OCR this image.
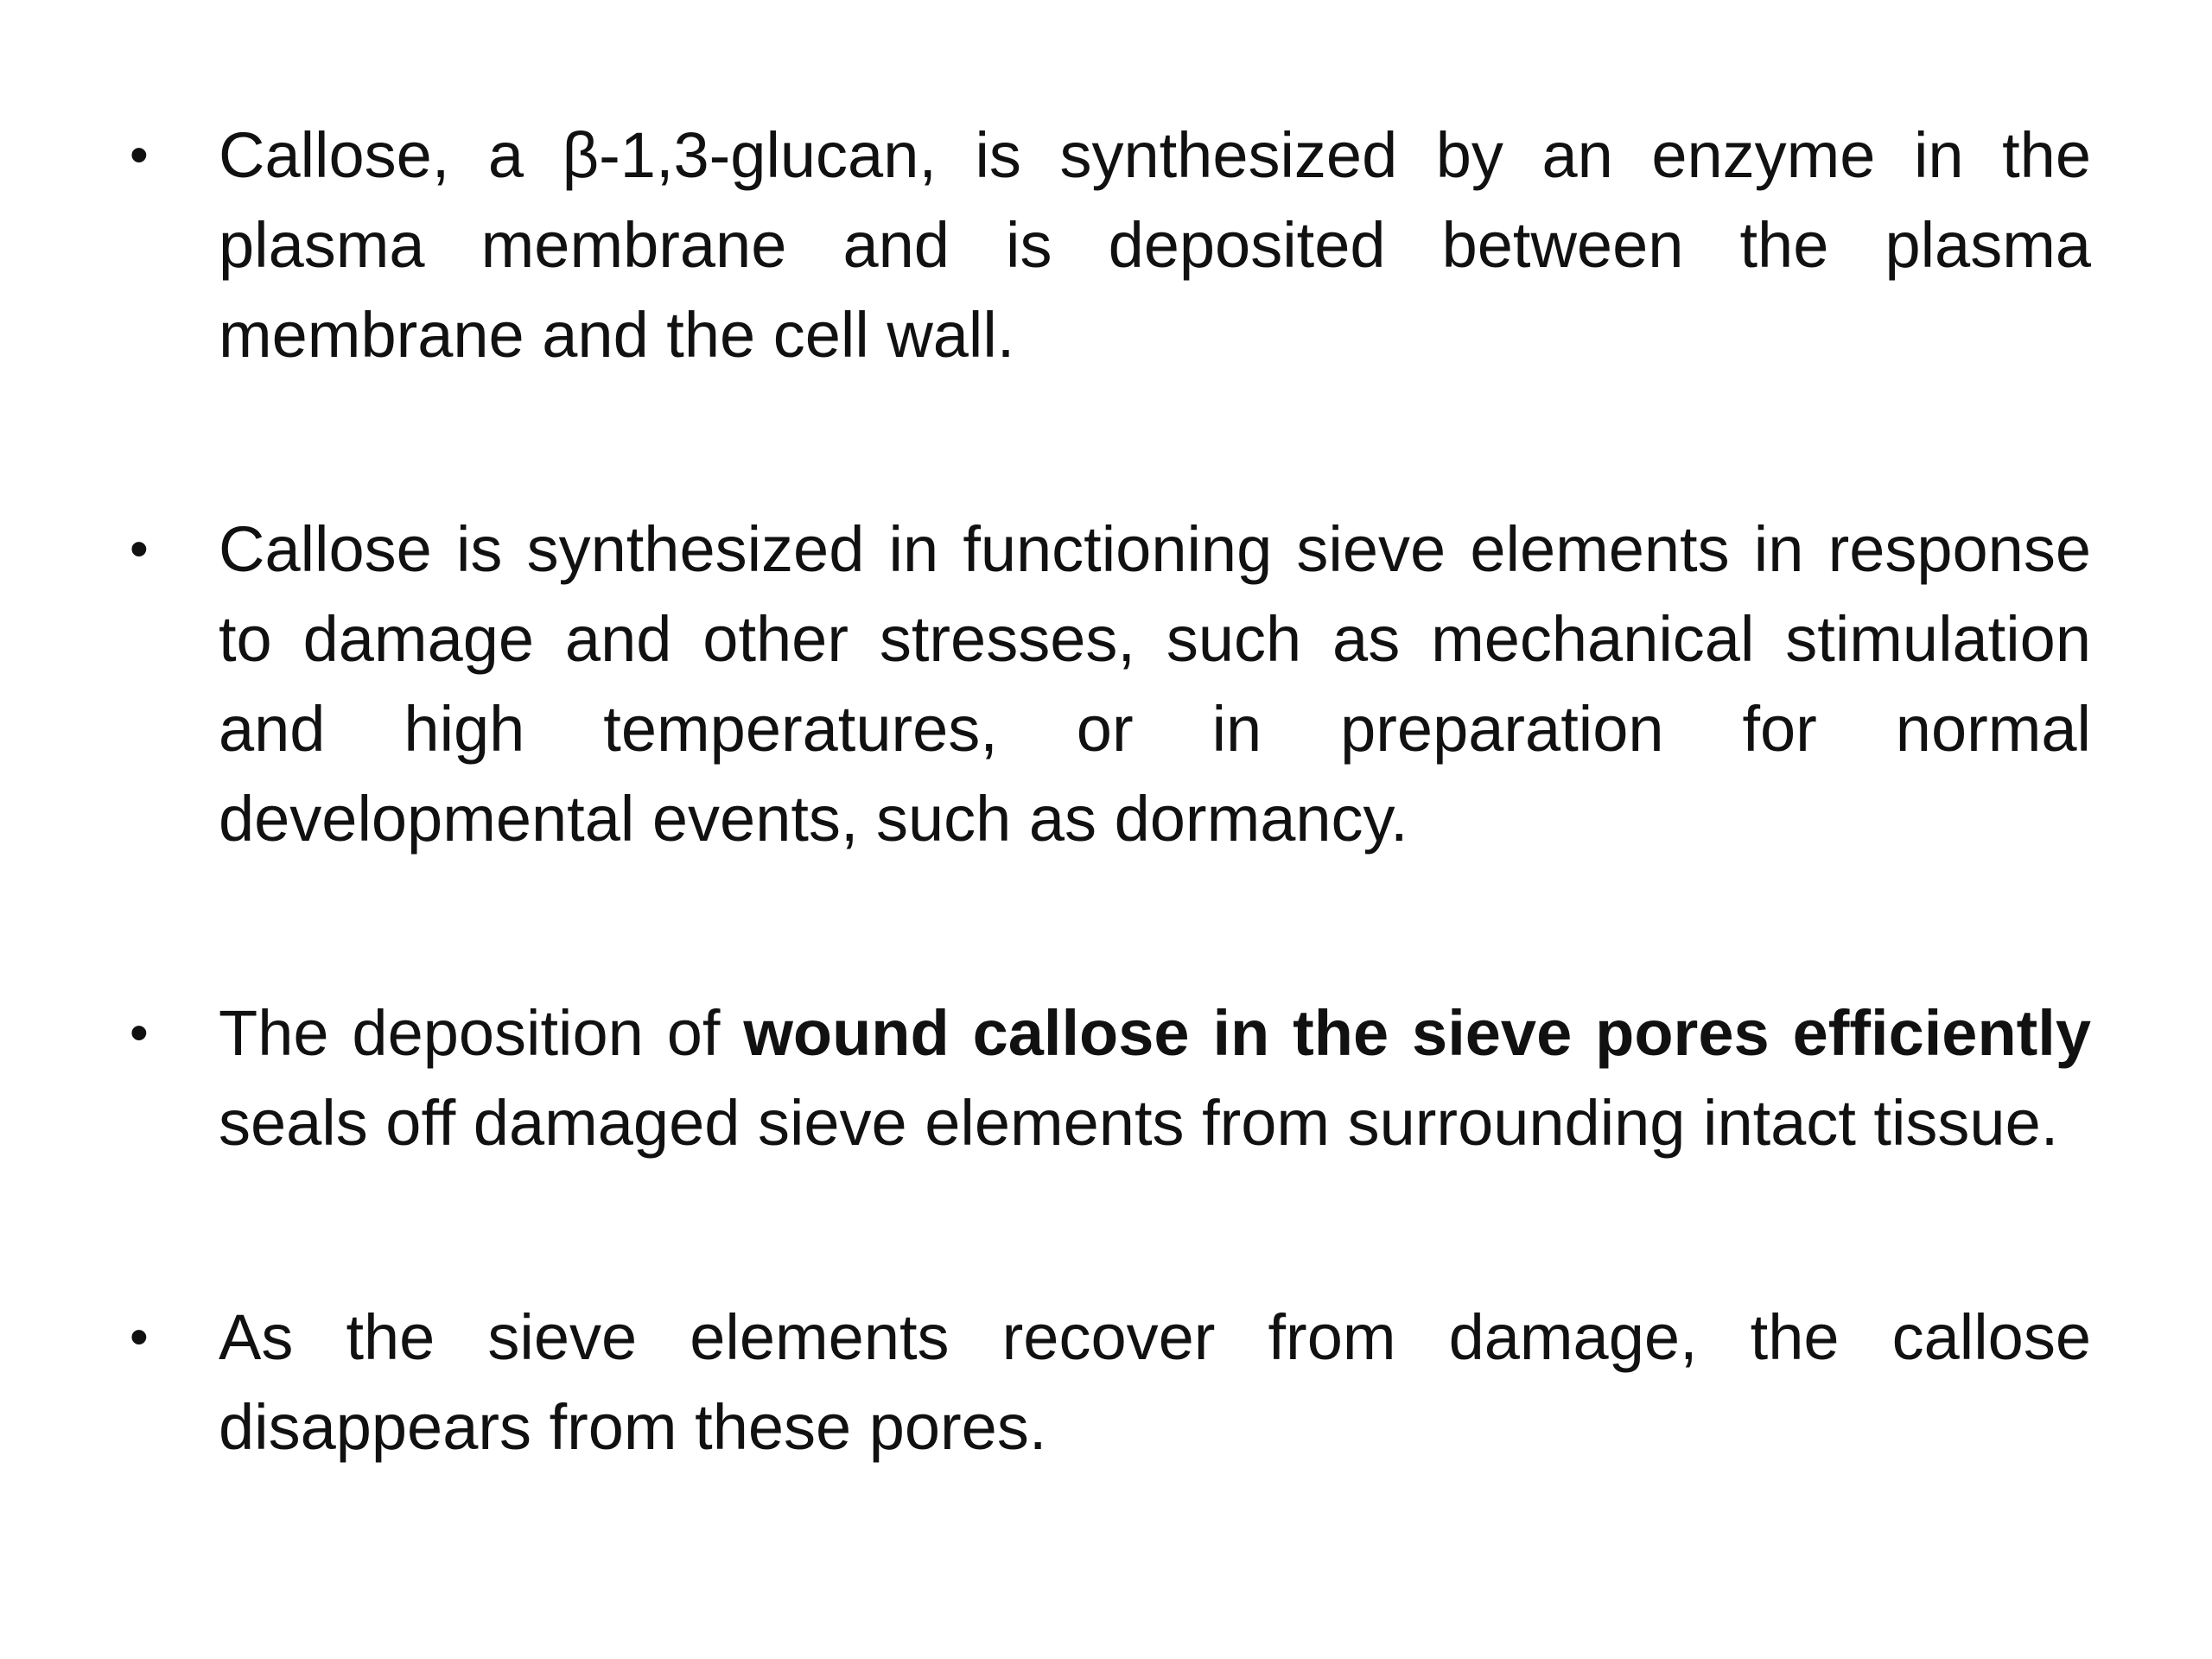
• Callose, a β-1,3-glucan, is synthesized by an enzyme in the plasma membrane and is deposited between the plasma membrane and the cell wall.
• Callose is synthesized in functioning sieve elements in response to damage and other stresses, such as mechanical stimulation and high temperatures, or in preparation for normal developmental events, such as dormancy.
• The deposition of wound callose in the sieve pores efficiently seals off damaged sieve elements from surrounding intact tissue.
• As the sieve elements recover from damage, the callose disappears from these pores.
